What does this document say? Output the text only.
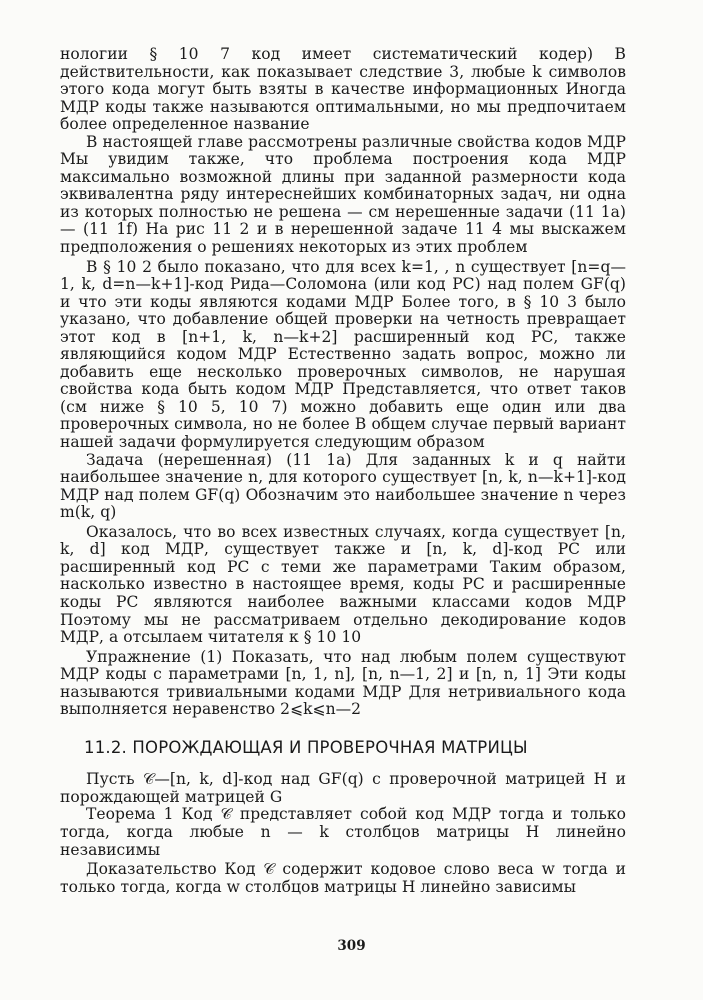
нологии § 10 7 код имеет систематический кодер) В действительности, как показывает следствие 3, любые k символов этого кода могут быть взяты в качестве информационных Иногда МДР коды также называются оптимальными, но мы предпочитаем более определенное название

В настоящей главе рассмотрены различные свойства кодов МДР Мы увидим также, что проблема построения кода МДР максимально возможной длины при заданной размерности кода эквивалентна ряду интереснейших комбинаторных задач, ни одна из которых полностью не решена — см нерешенные задачи (11 1а) — (11 1f) На рис 11 2 и в нерешенной задаче 11 4 мы выскажем предположения о решениях некоторых из этих проблем

В § 10 2 было показано, что для всех k=1, , n существует [n=q—1, k, d=n—k+1]-код Рида—Соломона (или код РС) над полем GF(q) и что эти коды являются кодами МДР Более того, в § 10 3 было указано, что добавление общей проверки на четность превращает этот код в [n+1, k, n—k+2] расширенный код РС, также являющийся кодом МДР Естественно задать вопрос, можно ли добавить еще несколько проверочных символов, не нарушая свойства кода быть кодом МДР Представляется, что ответ таков (см ниже § 10 5, 10 7) можно добавить еще один или два проверочных символа, но не более В общем случае первый вариант нашей задачи формулируется следующим образом

Задача (нерешенная) (11 1а) Для заданных k и q найти наибольшее значение n, для которого существует [n, k, n—k+1]-код МДР над полем GF(q) Обозначим это наибольшее значение n через m(k, q)

Оказалось, что во всех известных случаях, когда существует [n, k, d] код МДР, существует также и [n, k, d]-код РС или расширенный код РС с теми же параметрами Таким образом, насколько известно в настоящее время, коды РС и расширенные коды РС являются наиболее важными классами кодов МДР Поэтому мы не рассматриваем отдельно декодирование кодов МДР, а отсылаем читателя к § 10 10

Упражнение (1) Показать, что над любым полем существуют МДР коды с параметрами [n, 1, n], [n, n—1, 2] и [n, n, 1] Эти коды называются тривиальными кодами МДР Для нетривиального кода выполняется неравенство 2⩽k⩽n—2

11.2. ПОРОЖДАЮЩАЯ И ПРОВЕРОЧНАЯ МАТРИЦЫ

Пусть 𝒞—[n, k, d]-код над GF(q) с проверочной матрицей H и порождающей матрицей G

Теорема 1 Код 𝒞 представляет собой код МДР тогда и только тогда, когда любые n — k столбцов матрицы H линейно независимы

Доказательство Код 𝒞 содержит кодовое слово веса w тогда и только тогда, когда w столбцов матрицы H линейно зависимы

309
